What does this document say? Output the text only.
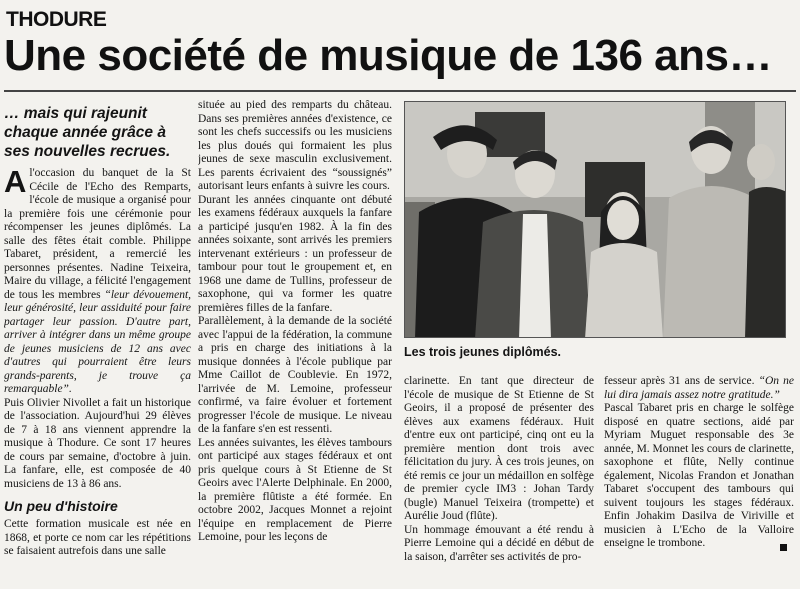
THODURE
Une société de musique de 136 ans…
… mais qui rajeunit chaque année grâce à ses nouvelles recrues.

Al'occasion du banquet de la St Cécile de l'Echo des Remparts, l'école de musique a organisé pour la première fois une cérémonie pour récompenser les jeunes diplômés. La salle des fêtes était comble. Philippe Tabaret, président, a remercié les personnes présentes. Nadine Teixeira, Maire du village, a félicité l'engagement de tous les membres “leur dévouement, leur générosité, leur assiduité pour faire partager leur passion. D'autre part, arriver à intégrer dans un même groupe de jeunes musiciens de 12 ans avec d'autres qui pourraient être leurs grands-parents, je trouve ça remarquable”.

Puis Olivier Nivollet a fait un historique de l'association. Aujourd'hui 29 élèves de 7 à 18 ans viennent apprendre la musique à Thodure. Ce sont 17 heures de cours par semaine, d'octobre à juin. La fanfare, elle, est composée de 40 musiciens de 13 à 86 ans.

Un peu d'histoire

Cette formation musicale est née en 1868, et porte ce nom car les répétitions se faisaient autrefois dans une salle

située au pied des remparts du château. Dans ses premières années d'existence, ce sont les chefs successifs ou les musiciens les plus doués qui formaient les plus jeunes de sexe masculin exclusivement. Les parents écrivaient des “soussignés” autorisant leurs enfants à suivre les cours.

Durant les années cinquante ont débuté les examens fédéraux auxquels la fanfare a participé jusqu'en 1982. À la fin des années soixante, sont arrivés les premiers intervenant extérieurs : un professeur de tambour pour tout le groupement et, en 1968 une dame de Tullins, professeur de saxophone, qui va former les quatre premières filles de la fanfare.

Parallèlement, à la demande de la société avec l'appui de la fédération, la commune a pris en charge des initiations à la musique données à l'école publique par Mme Caillot de Coublevie. En 1972, l'arrivée de M. Lemoine, professeur confirmé, va faire évoluer et fortement progresser l'école de musique. Le niveau de la fanfare s'en est ressenti.

Les années suivantes, les élèves tambours ont participé aux stages fédéraux et ont pris quelque cours à St Etienne de St Geoirs avec l'Alerte Delphinale. En 2000, la première flûtiste a été formée. En octobre 2002, Jacques Monnet a rejoint l'équipe en remplacement de Pierre Lemoine, pour les leçons de

Les trois jeunes diplômés.

clarinette. En tant que directeur de l'école de musique de St Etienne de St Geoirs, il a proposé de présenter des élèves aux examens fédéraux. Huit d'entre eux ont participé, cinq ont eu la première mention dont trois avec félicitation du jury. À ces trois jeunes, on été remis ce jour un médaillon en solfège de premier cycle IM3 : Johan Tardy (bugle) Manuel Teixeira (trompette) et Aurélie Joud (flûte).

Un hommage émouvant a été rendu à Pierre Lemoine qui a décidé en début de la saison, d'arrêter ses activités de pro-

fesseur après 31 ans de service. “On ne lui dira jamais assez notre gratitude.”

Pascal Tabaret pris en charge le solfège disposé en quatre sections, aidé par Myriam Muguet responsable des 3e année, M. Monnet les cours de clarinette, saxophone et flûte, Nelly continue également, Nicolas Frandon et Jonathan Tabaret s'occupent des tambours qui suivent toujours les stages fédéraux. Enfin Johakim Dasilva de Viriville et musicien à L'Echo de la Valloire enseigne le trombone.
